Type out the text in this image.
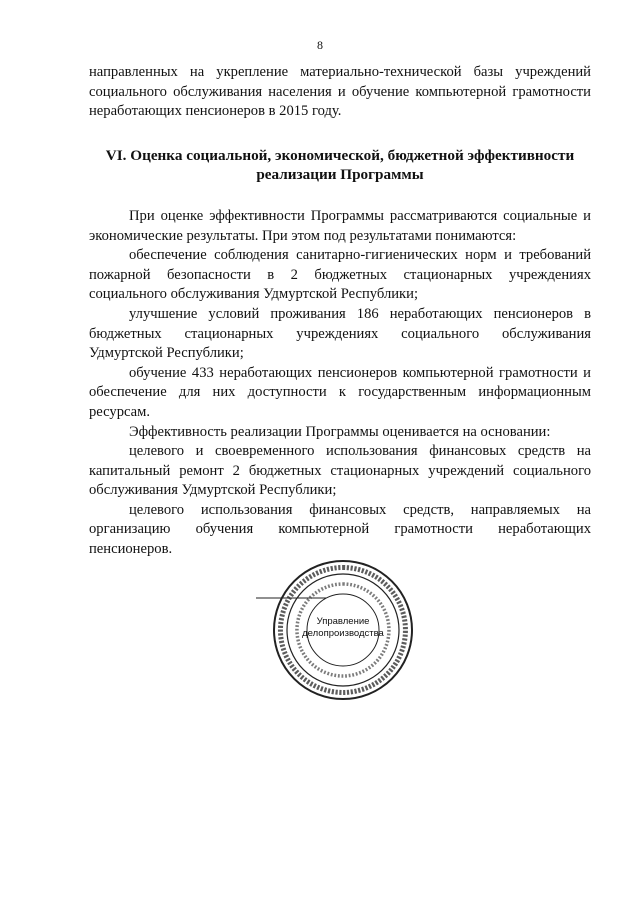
8

направленных на укрепление материально-технической базы учреждений социального обслуживания населения и обучение компьютерной грамотности неработающих пенсионеров в 2015 году.

VI. Оценка социальной, экономической, бюджетной эффективности
реализации Программы

При оценке эффективности Программы рассматриваются социальные и экономические результаты. При этом под результатами понимаются:

обеспечение соблюдения санитарно-гигиенических норм и требований пожарной безопасности в 2 бюджетных стационарных учреждениях социального обслуживания Удмуртской Республики;

улучшение условий проживания 186 неработающих пенсионеров в бюджетных стационарных учреждениях социального обслуживания Удмуртской Республики;

обучение 433 неработающих пенсионеров компьютерной грамотности и обеспечение для них доступности к государственным информационным ресурсам.

Эффективность реализации Программы оценивается на основании:

целевого и своевременного использования финансовых средств на капитальный ремонт 2 бюджетных стационарных учреждений социального обслуживания Удмуртской Республики;

целевого использования финансовых средств, направляемых на организацию обучения компьютерной грамотности неработающих пенсионеров.

Управление
делопроизводства
